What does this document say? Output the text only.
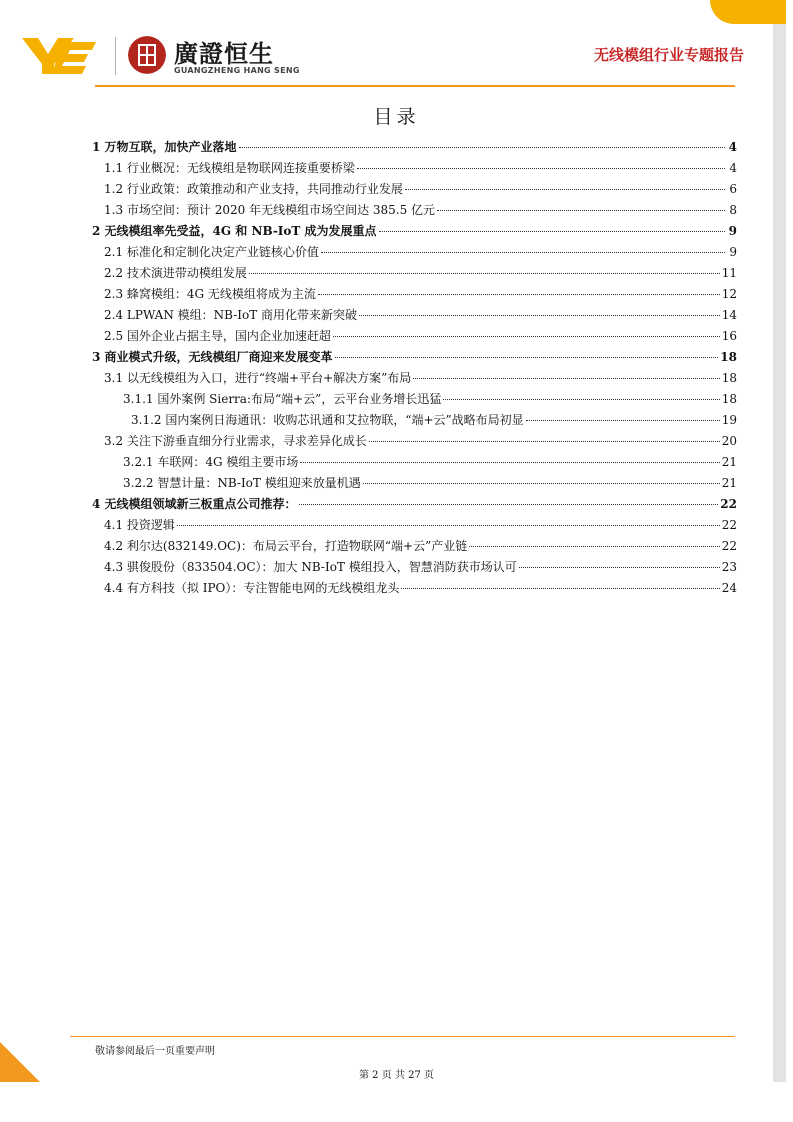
廣證恒生
GUANGZHENG HANG SENG
无线模组行业专题报告
目录
1 万物互联，加快产业落地	4
1.1 行业概况：无线模组是物联网连接重要桥梁	4
1.2 行业政策：政策推动和产业支持，共同推动行业发展	6
1.3 市场空间：预计 2020 年无线模组市场空间达 385.5 亿元	8
2 无线模组率先受益，4G 和 NB-IoT 成为发展重点	9
2.1 标准化和定制化决定产业链核心价值	9
2.2 技术演进带动模组发展	11
2.3 蜂窝模组：4G 无线模组将成为主流	12
2.4 LPWAN 模组：NB-IoT 商用化带来新突破	14
2.5 国外企业占据主导，国内企业加速赶超	16
3 商业模式升级，无线模组厂商迎来发展变革	18
3.1 以无线模组为入口，进行“终端+平台+解决方案”布局	18
3.1.1 国外案例 Sierra:布局“端+云”，云平台业务增长迅猛	18
3.1.2 国内案例日海通讯：收购芯讯通和艾拉物联，“端+云”战略布局初显	19
3.2 关注下游垂直细分行业需求，寻求差异化成长	20
3.2.1 车联网：4G 模组主要市场	21
3.2.2 智慧计量：NB-IoT 模组迎来放量机遇	21
4 无线模组领域新三板重点公司推荐：	22
4.1 投资逻辑	22
4.2 利尔达(832149.OC)：布局云平台，打造物联网“端+云”产业链	22
4.3 骐俊股份（833504.OC）：加大 NB-IoT 模组投入，智慧消防获市场认可	23
4.4 有方科技（拟 IPO）：专注智能电网的无线模组龙头	24
敬请参阅最后一页重要声明
第 2 页 共 27 页
